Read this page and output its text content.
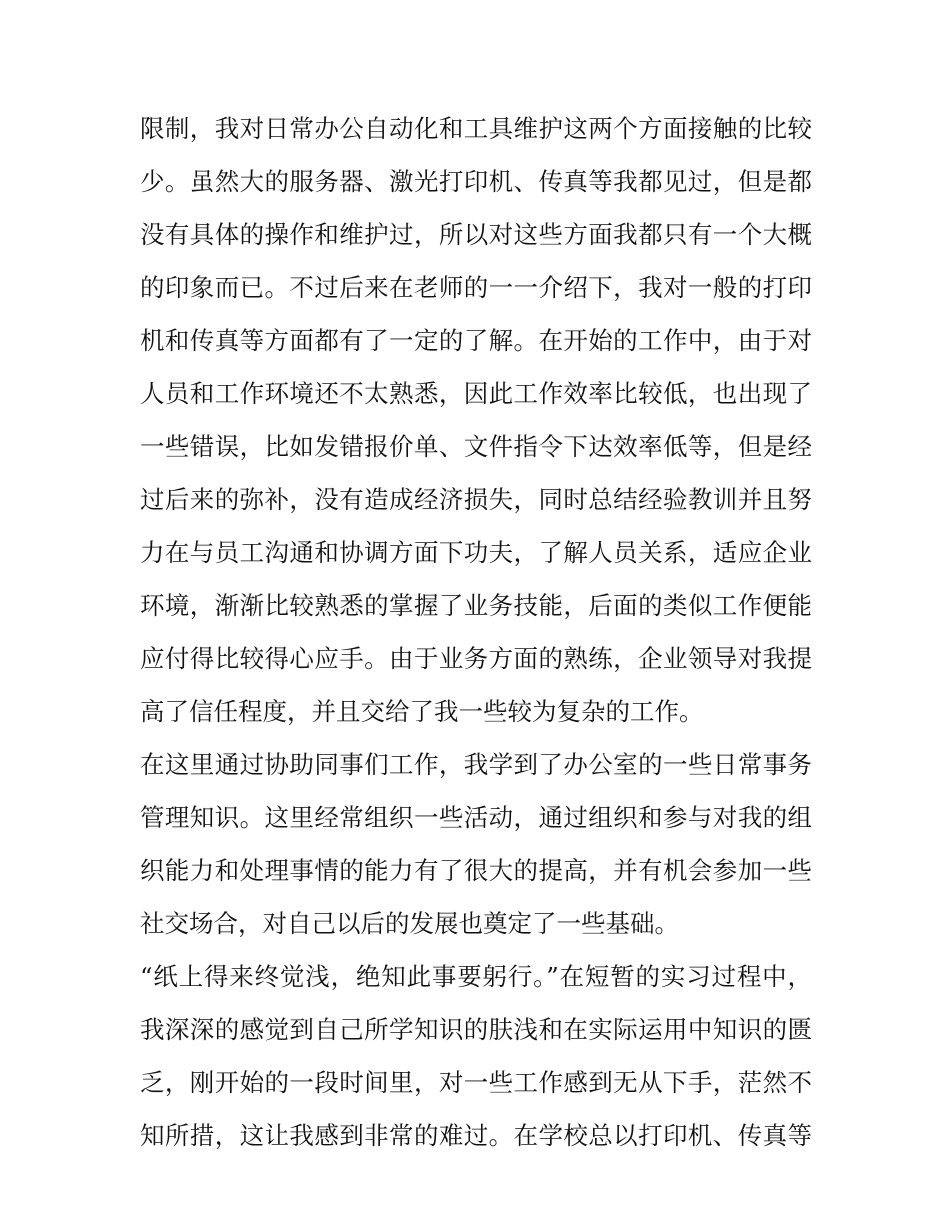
限制，我对日常办公自动化和工具维护这两个方面接触的比较
少。虽然大的服务器、激光打印机、传真等我都见过，但是都
没有具体的操作和维护过，所以对这些方面我都只有一个大概
的印象而已。不过后来在老师的一一介绍下，我对一般的打印
机和传真等方面都有了一定的了解。在开始的工作中，由于对
人员和工作环境还不太熟悉，因此工作效率比较低，也出现了
一些错误，比如发错报价单、文件指令下达效率低等，但是经
过后来的弥补，没有造成经济损失，同时总结经验教训并且努
力在与员工沟通和协调方面下功夫，了解人员关系，适应企业
环境，渐渐比较熟悉的掌握了业务技能，后面的类似工作便能
应付得比较得心应手。由于业务方面的熟练，企业领导对我提
高了信任程度，并且交给了我一些较为复杂的工作。
在这里通过协助同事们工作，我学到了办公室的一些日常事务
管理知识。这里经常组织一些活动，通过组织和参与对我的组
织能力和处理事情的能力有了很大的提高，并有机会参加一些
社交场合，对自己以后的发展也奠定了一些基础。
“纸上得来终觉浅，绝知此事要躬行。”在短暂的实习过程中，
我深深的感觉到自己所学知识的肤浅和在实际运用中知识的匮
乏，刚开始的一段时间里，对一些工作感到无从下手，茫然不
知所措，这让我感到非常的难过。在学校总以打印机、传真等
